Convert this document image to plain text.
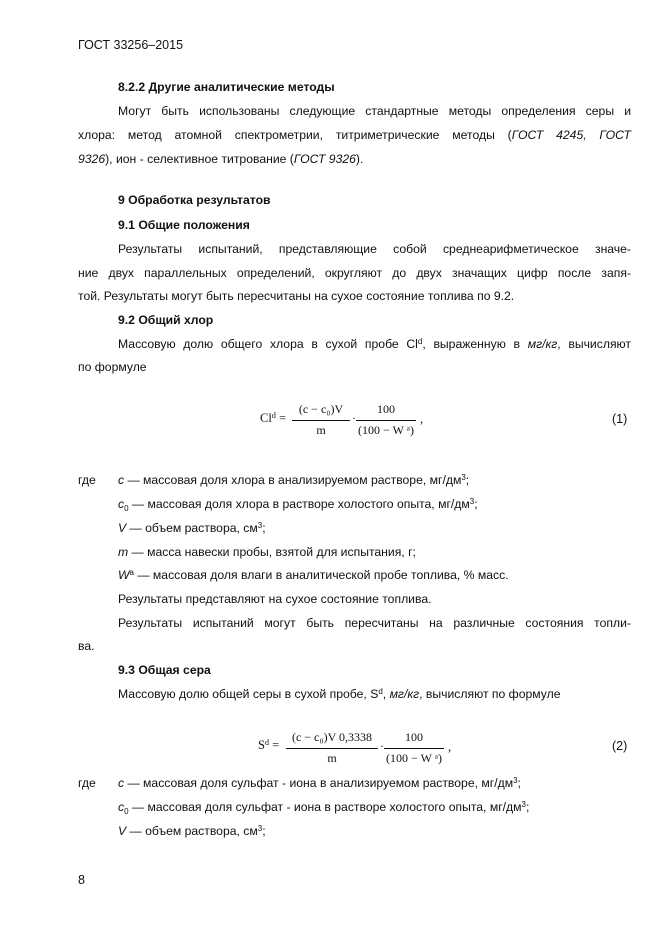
ГОСТ 33256–2015
8.2.2 Другие аналитические методы
Могут быть использованы следующие стандартные методы определения серы и
хлора: метод атомной спектрометрии, титриметрические методы (ГОСТ 4245, ГОСТ
9326), ион - селективное титрование (ГОСТ 9326).
9 Обработка результатов
9.1 Общие положения
Результаты испытаний, представляющие собой среднеарифметическое значе-
ние двух параллельных определений, округляют до двух значащих цифр после запя-
той. Результаты могут быть пересчитаны на сухое состояние топлива по 9.2.
9.2 Общий хлор
Массовую долю общего хлора в сухой пробе Cl$^d$, выраженную в мг/кг, вычисляют
по формуле
$Cl^d$ =
(c − c₀)V
m
·
100
(100 − W ᵃ)
,	(1)
где c — массовая доля хлора в анализируемом растворе, $мг/дм^3$;
$c_0$ — массовая доля хлора в растворе холостого опыта, $мг/дм^3$;
V — объем раствора, $см^3$;
m — масса навески пробы, взятой для испытания, г;
$W^a$ — массовая доля влаги в аналитической пробе топлива, % масс.
Результаты представляют на сухое состояние топлива.
Результаты испытаний могут быть пересчитаны на различные состояния топли-
ва.
9.3 Общая сера
Массовую долю общей серы в сухой пробе, $S^d$, мг/кг, вычисляют по формуле
$S^d$ =
(c − c₀)V 0,3338
m
·
100
(100 − W ᵃ)
,	(2)
где c — массовая доля сульфат - иона в анализируемом растворе, $мг/дм^3$;
$c_0$ — массовая доля сульфат - иона в растворе холостого опыта, $мг/дм^3$;
V — объем раствора, $см^3$;
8
